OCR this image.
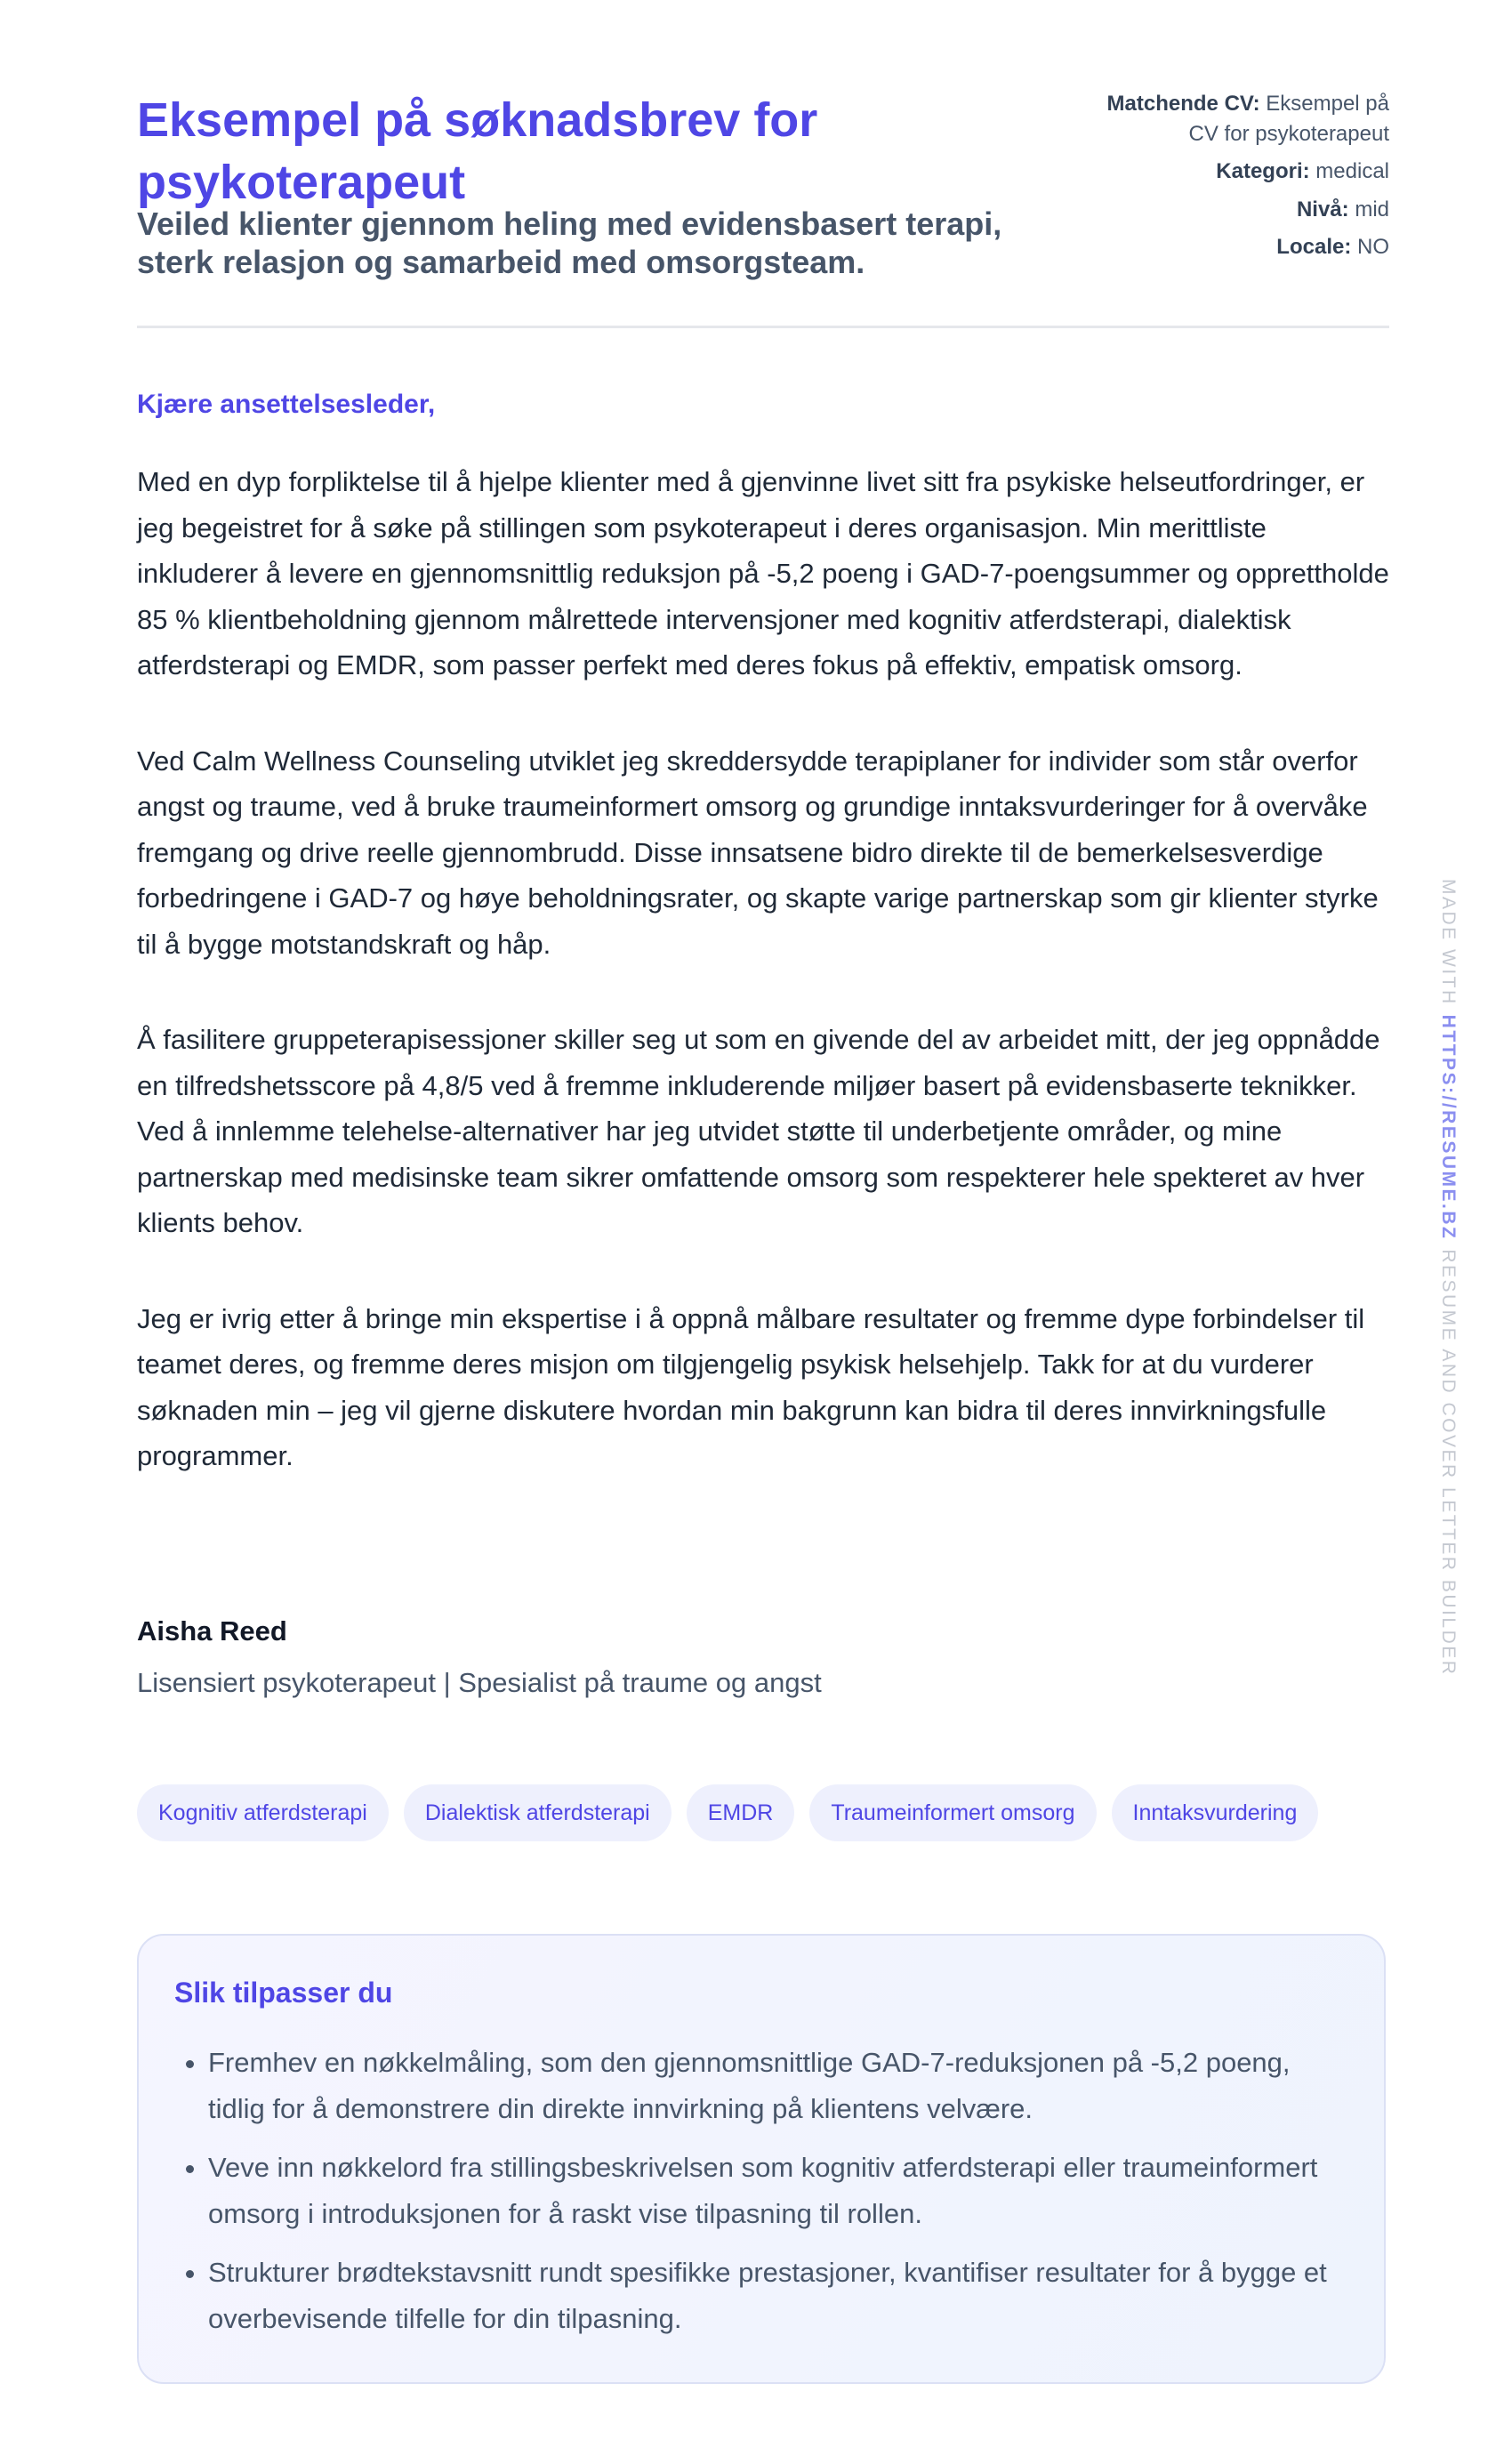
Eksempel på søknadsbrev for psykoterapeut
Veiled klienter gjennom heling med evidensbasert terapi, sterk relasjon og samarbeid med omsorgsteam.
Matchende CV: Eksempel på CV for psykoterapeut
Kategori: medical
Nivå: mid
Locale: NO

Kjære ansettelsesleder,

Med en dyp forpliktelse til å hjelpe klienter med å gjenvinne livet sitt fra psykiske helseutfordringer, er jeg begeistret for å søke på stillingen som psykoterapeut i deres organisasjon. Min merittliste inkluderer å levere en gjennomsnittlig reduksjon på -5,2 poeng i GAD-7-poengsummer og opprettholde 85 % klientbeholdning gjennom målrettede intervensjoner med kognitiv atferdsterapi, dialektisk atferdsterapi og EMDR, som passer perfekt med deres fokus på effektiv, empatisk omsorg.

Ved Calm Wellness Counseling utviklet jeg skreddersydde terapiplaner for individer som står overfor angst og traume, ved å bruke traumeinformert omsorg og grundige inntaksvurderinger for å overvåke fremgang og drive reelle gjennombrudd. Disse innsatsene bidro direkte til de bemerkelsesverdige forbedringene i GAD-7 og høye beholdningsrater, og skapte varige partnerskap som gir klienter styrke til å bygge motstandskraft og håp.

Å fasilitere gruppeterapisessjoner skiller seg ut som en givende del av arbeidet mitt, der jeg oppnådde en tilfredshetsscore på 4,8/5 ved å fremme inkluderende miljøer basert på evidensbaserte teknikker. Ved å innlemme telehelse-alternativer har jeg utvidet støtte til underbetjente områder, og mine partnerskap med medisinske team sikrer omfattende omsorg som respekterer hele spekteret av hver klients behov.

Jeg er ivrig etter å bringe min ekspertise i å oppnå målbare resultater og fremme dype forbindelser til teamet deres, og fremme deres misjon om tilgjengelig psykisk helsehjelp. Takk for at du vurderer søknaden min – jeg vil gjerne diskutere hvordan min bakgrunn kan bidra til deres innvirkningsfulle programmer.

Aisha Reed

Lisensiert psykoterapeut | Spesialist på traume og angst

Kognitiv atferdsterapi	Dialektisk atferdsterapi	EMDR	Traumeinformert omsorg	Inntaksvurdering
Slik tilpasser du
• Fremhev en nøkkelmåling, som den gjennomsnittlige GAD-7-reduksjonen på -5,2 poeng, tidlig for å demonstrere din direkte innvirkning på klientens velvære.
• Veve inn nøkkelord fra stillingsbeskrivelsen som kognitiv atferdsterapi eller traumeinformert omsorg i introduksjonen for å raskt vise tilpasning til rollen.
• Strukturer brødtekstavsnitt rundt spesifikke prestasjoner, kvantifiser resultater for å bygge et overbevisende tilfelle for din tilpasning.
MADE WITHHTTPS://RESUME.BZRESUME AND COVER LETTER BUILDER
